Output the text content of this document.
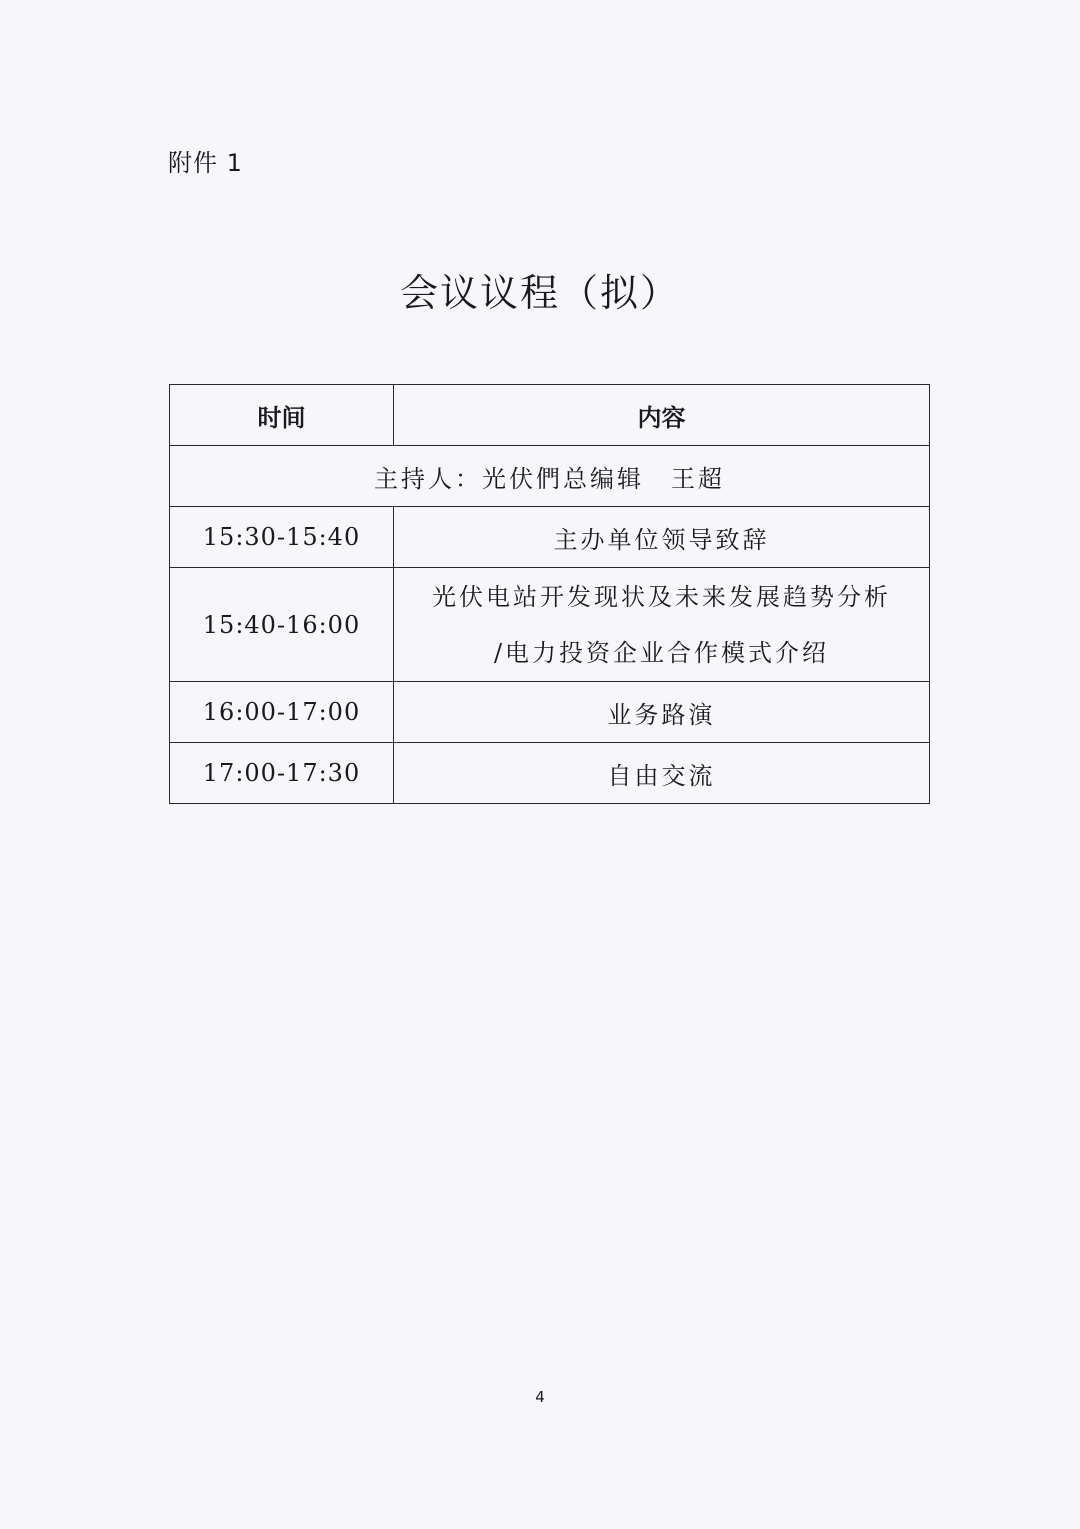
附件 1
会议议程（拟）
时间	内容
主持人：光伏們总编辑　王超	
15:30-15:40	主办单位领导致辞
15:40-16:00	光伏电站开发现状及未来发展趋势分析
/电力投资企业合作模式介绍

16:00-17:00	业务路演
17:00-17:30	自由交流
4
